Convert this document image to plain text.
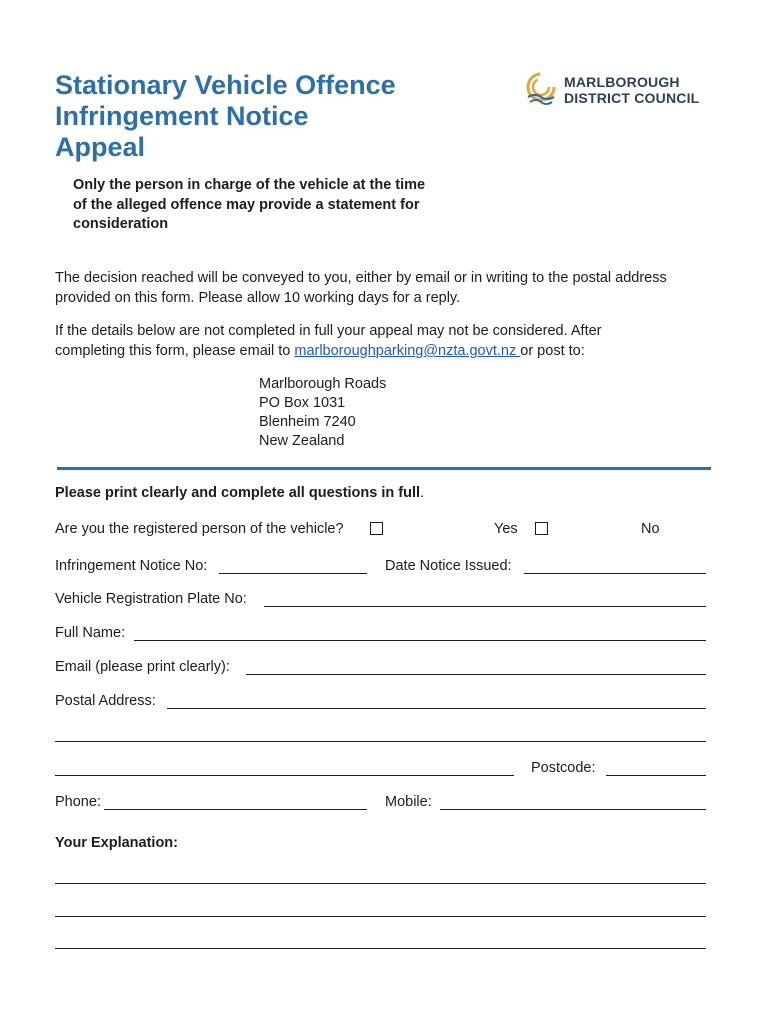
Stationary Vehicle Offence
Infringement Notice
Appeal
MARLBOROUGH
DISTRICT COUNCIL
Only the person in charge of the vehicle at the time
of the alleged offence may provide a statement for
consideration
The decision reached will be conveyed to you, either by email or in writing to the postal address
provided on this form. Please allow 10 working days for a reply.
If the details below are not completed in full your appeal may not be considered. After
completing this form, please email to marlboroughparking@nzta.govt.nz or post to:
Marlborough Roads
PO Box 1031
Blenheim 7240
New Zealand
Please print clearly and complete all questions in full.
Are you the registered person of the vehicle?	Yes	No
Infringement Notice No:	Date Notice Issued:
Vehicle Registration Plate No:
Full Name:
Email (please print clearly):
Postal Address:
Postcode:
Phone:	Mobile:
Your Explanation:
